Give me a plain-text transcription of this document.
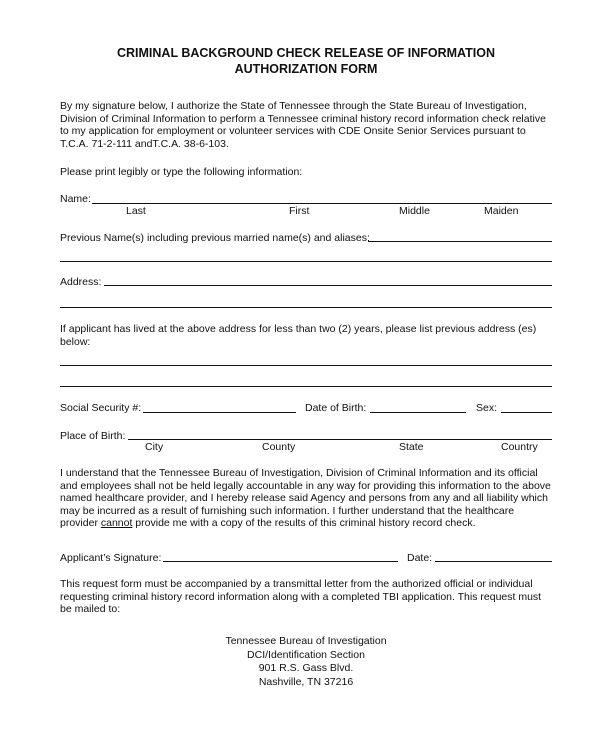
CRIMINAL BACKGROUND CHECK RELEASE OF INFORMATION
AUTHORIZATION FORM
By my signature below, I authorize the State of Tennessee through the State Bureau of Investigation,
Division of Criminal Information to perform a Tennessee criminal history record information check relative
to my application for employment or volunteer services with CDE Onsite Senior Services pursuant to
T.C.A. 71-2-111 andT.C.A. 38-6-103.
Please print legibly or type the following information:
Name:
Last	First	Middle	Maiden
Previous Name(s) including previous married name(s) and aliases:
Address:
If applicant has lived at the above address for less than two (2) years, please list previous address (es)
below:
Social Security #:	Date of Birth:	Sex:
Place of Birth:
City	County	State	Country
I understand that the Tennessee Bureau of Investigation, Division of Criminal Information and its official
and employees shall not be held legally accountable in any way for providing this information to the above
named healthcare provider, and I hereby release said Agency and persons from any and all liability which
may be incurred as a result of furnishing such information. I further understand that the healthcare
provider cannot provide me with a copy of the results of this criminal history record check.
Applicant’s Signature:	Date:
This request form must be accompanied by a transmittal letter from the authorized official or individual
requesting criminal history record information along with a completed TBI application. This request must
be mailed to:
Tennessee Bureau of Investigation
DCI/Identification Section
901 R.S. Gass Blvd.
Nashville, TN 37216
